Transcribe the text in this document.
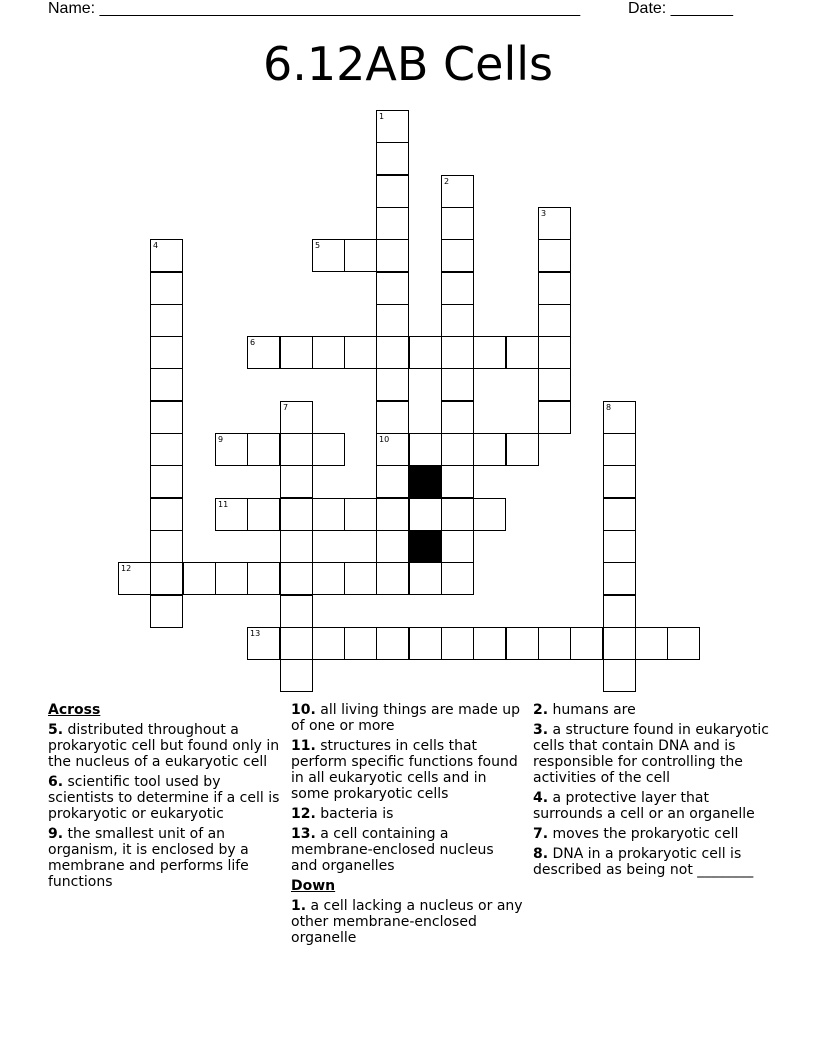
Name: ______________________________________________________	Date: _______
6.12AB Cells
1
2
3
4	5
6
7	8
9	10
11
12
13
Across
5. distributed throughout a prokaryotic cell but found only in the nucleus of a eukaryotic cell
6. scientific tool used by scientists to determine if a cell is prokaryotic or eukaryotic
9. the smallest unit of an organism, it is enclosed by a membrane and performs life functions
10. all living things are made up of one or more
11. structures in cells that perform specific functions found in all eukaryotic cells and in some prokaryotic cells
12. bacteria is
13. a cell containing a membrane-enclosed nucleus and organelles
Down
1. a cell lacking a nucleus or any other membrane-enclosed organelle
2. humans are
3. a structure found in eukaryotic cells that contain DNA and is responsible for controlling the activities of the cell
4. a protective layer that surrounds a cell or an organelle
7. moves the prokaryotic cell
8. DNA in a prokaryotic cell is described as being not ________
